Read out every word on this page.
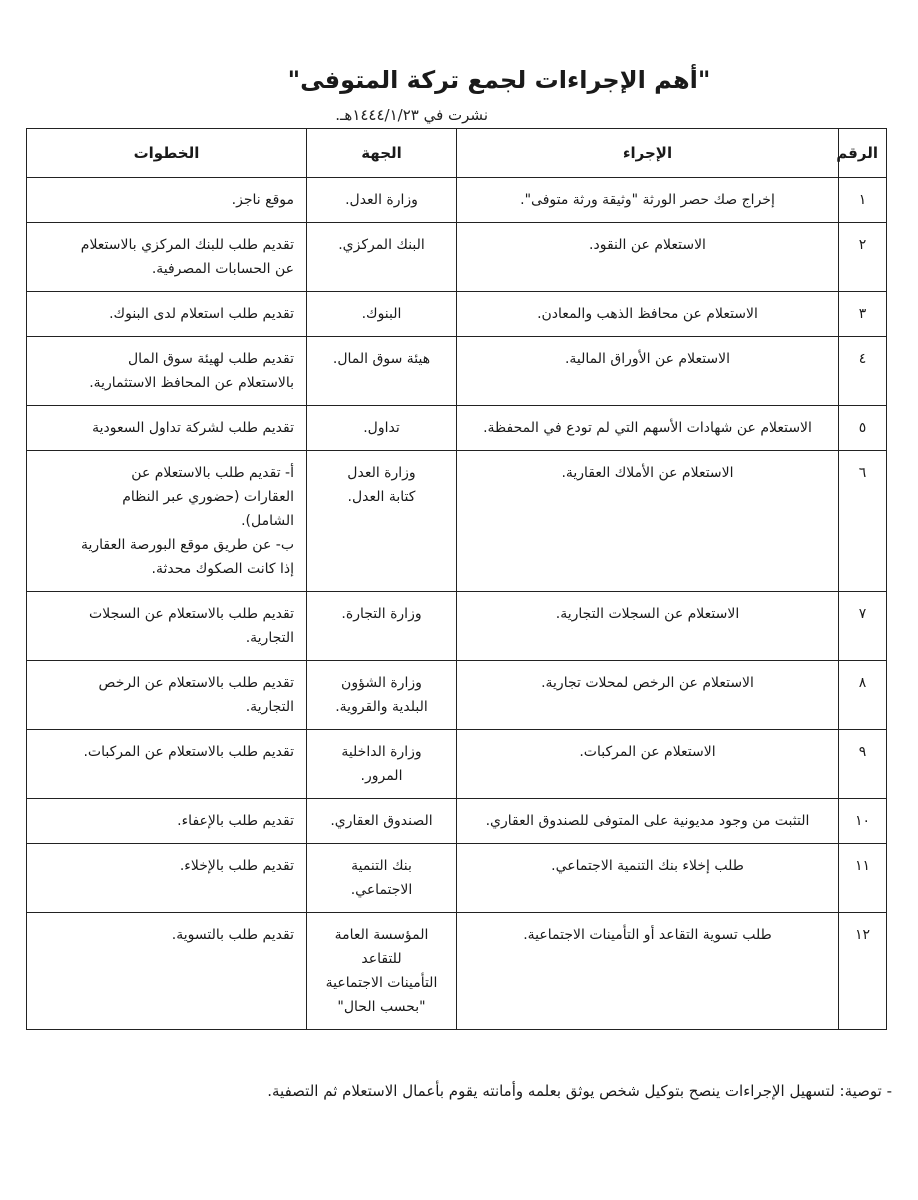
"أهم الإجراءات لجمع تركة المتوفى"
نشرت في ١٤٤٤/١/٢٣هـ.
الرقم	الإجراء	الجهة	الخطوات
١	إخراج صك حصر الورثة "وثيقة ورثة متوفى".	وزارة العدل.	موقع ناجز.

٢	الاستعلام عن النقود.	البنك المركزي.	تقديم طلب للبنك المركزي بالاستعلام
عن الحسابات المصرفية.

٣	الاستعلام عن محافظ الذهب والمعادن.	البنوك.	تقديم طلب استعلام لدى البنوك.

٤	الاستعلام عن الأوراق المالية.	هيئة سوق المال.	تقديم طلب لهيئة سوق المال
بالاستعلام عن المحافظ الاستثمارية.

٥	الاستعلام عن شهادات الأسهم التي لم تودع في المحفظة.	تداول.	تقديم طلب لشركة تداول السعودية

٦	الاستعلام عن الأملاك العقارية.	وزارة العدل
كتابة العدل.	أ- تقديم طلب بالاستعلام عن
العقارات (حضوري عبر النظام
الشامل).
ب- عن طريق موقع البورصة العقارية
إذا كانت الصكوك محدثة.

٧	الاستعلام عن السجلات التجارية.	وزارة التجارة.	تقديم طلب بالاستعلام عن السجلات
التجارية.

٨	الاستعلام عن الرخص لمحلات تجارية.	وزارة الشؤون
البلدية والقروية.	تقديم طلب بالاستعلام عن الرخص
التجارية.

٩	الاستعلام عن المركبات.	وزارة الداخلية
المرور.	تقديم طلب بالاستعلام عن المركبات.

١٠	التثبت من وجود مديونية على المتوفى للصندوق العقاري.	الصندوق العقاري.	تقديم طلب بالإعفاء.

١١	طلب إخلاء بنك التنمية الاجتماعي.	بنك التنمية
الاجتماعي.	تقديم طلب بالإخلاء.

١٢	طلب تسوية التقاعد أو التأمينات الاجتماعية.	المؤسسة العامة
للتقاعد
التأمينات الاجتماعية
"بحسب الحال"	تقديم طلب بالتسوية.
- توصية: لتسهيل الإجراءات ينصح بتوكيل شخص يوثق بعلمه وأمانته يقوم بأعمال الاستعلام ثم التصفية.
